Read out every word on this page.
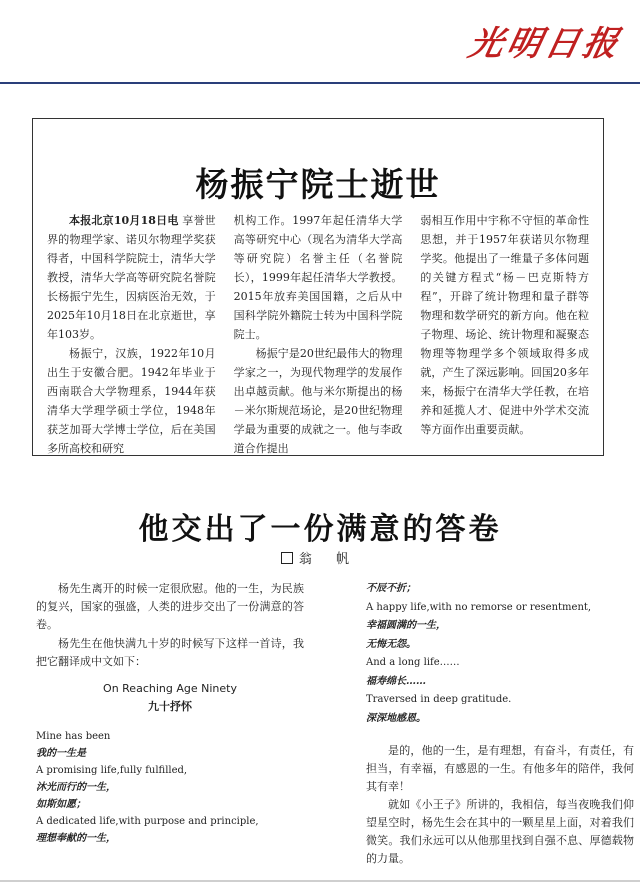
光明日报
杨振宁院士逝世

本报北京10月18日电 享誉世界的物理学家、诺贝尔物理学奖获得者，中国科学院院士，清华大学教授，清华大学高等研究院名誉院长杨振宁先生，因病医治无效，于2025年10月18日在北京逝世，享年103岁。

杨振宁，汉族，1922年10月出生于安徽合肥。1942年毕业于西南联合大学物理系，1944年获清华大学理学硕士学位，1948年获芝加哥大学博士学位，后在美国多所高校和研究

机构工作。1997年起任清华大学高等研究中心（现名为清华大学高等研究院）名誉主任（名誉院长），1999年起任清华大学教授。2015年放弃美国国籍，之后从中国科学院外籍院士转为中国科学院院士。

杨振宁是20世纪最伟大的物理学家之一，为现代物理学的发展作出卓越贡献。他与米尔斯提出的杨－米尔斯规范场论，是20世纪物理学最为重要的成就之一。他与李政道合作提出

弱相互作用中宇称不守恒的革命性思想，并于1957年获诺贝尔物理学奖。他提出了一维量子多体问题的关键方程式“杨－巴克斯特方程”，开辟了统计物理和量子群等物理和数学研究的新方向。他在粒子物理、场论、统计物理和凝聚态物理等物理学多个领域取得多成就，产生了深远影响。回国20多年来，杨振宁在清华大学任教，在培养和延揽人才、促进中外学术交流等方面作出重要贡献。

他交出了一份满意的答卷
翁 帆

杨先生离开的时候一定很欣慰。他的一生，为民族的复兴，国家的强盛，人类的进步交出了一份满意的答卷。

杨先生在他快满九十岁的时候写下这样一首诗，我把它翻译成中文如下：

On Reaching Age Ninety
九十抒怀
Mine has been
我的一生是
A promising life,fully fulfilled,
沐光而行的一生，
如斯如愿；
A dedicated life,with purpose and principle,
理想奉献的一生，
不辰不折；
A happy life,with no remorse or resentment,
幸福圆满的一生，
无悔无怨。
And a long life……
福寿绵长……
Traversed in deep gratitude.
深深地感恩。

是的，他的一生，是有理想，有奋斗，有责任，有担当，有幸福，有感恩的一生。有他多年的陪伴，我何其有幸！

就如《小王子》所讲的，我相信，每当夜晚我们仰望星空时，杨先生会在其中的一颗星星上面，对着我们微笑。我们永远可以从他那里找到自强不息、厚德载物的力量。
